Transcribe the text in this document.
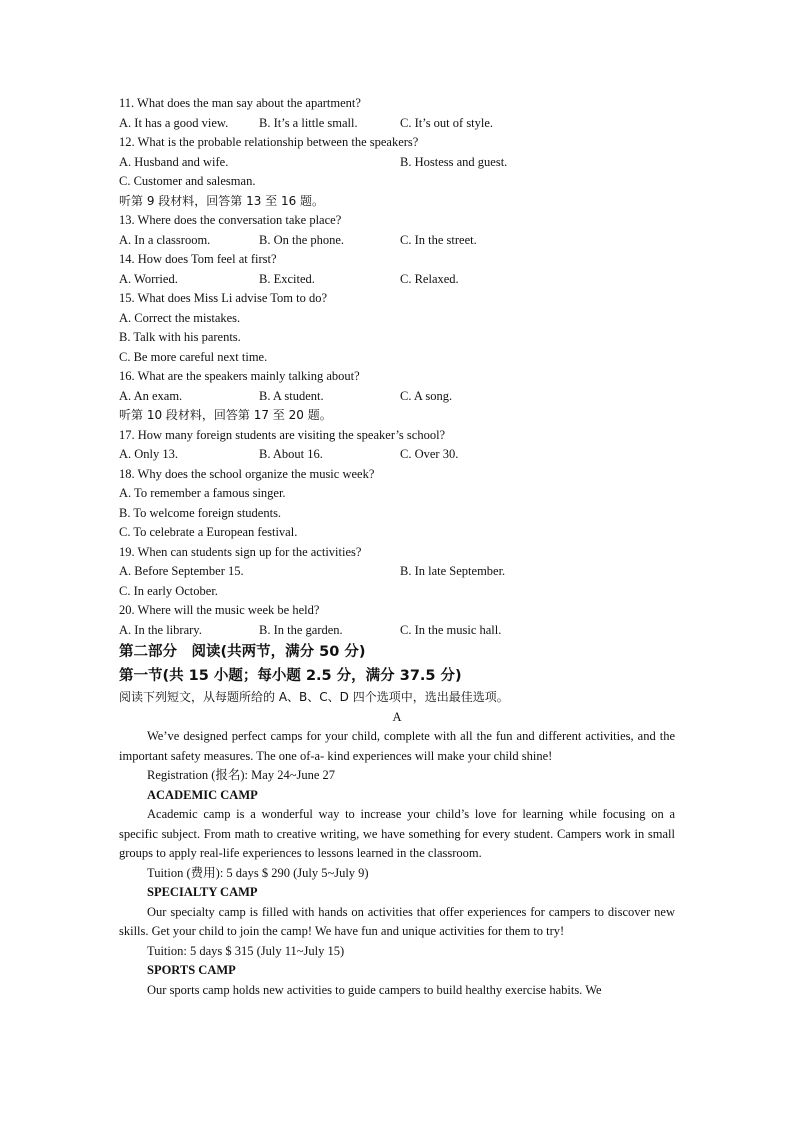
11. What does the man say about the apartment?
A. It has a good view. B. It’s a little small.	C. It’s out of style.
12. What is the probable relationship between the speakers?
A. Husband and wife.	B. Hostess and guest.
C. Customer and salesman.
听第 9 段材料，回答第 13 至 16 题。
13. Where does the conversation take place?
A. In a classroom.	B. On the phone.	C. In the street.
14. How does Tom feel at first?
A. Worried.	B. Excited.	C. Relaxed.
15. What does Miss Li advise Tom to do?
A. Correct the mistakes.
B. Talk with his parents.
C. Be more careful next time.
16. What are the speakers mainly talking about?
A. An exam.	B. A student.	C. A song.
听第 10 段材料，回答第 17 至 20 题。
17. How many foreign students are visiting the speaker’s school?
A. Only 13.	B. About 16.	C. Over 30.
18. Why does the school organize the music week?
A. To remember a famous singer.
B. To welcome foreign students.
C. To celebrate a European festival.
19. When can students sign up for the activities?
A. Before September 15.	B. In late September.
C. In early October.
20. Where will the music week be held?
A. In the library.	B. In the garden.	C. In the music hall.
第二部分　阅读(共两节，满分 50 分)
第一节(共 15 小题；每小题 2.5 分，满分 37.5 分)
阅读下列短文，从每题所给的 A、B、C、D 四个选项中，选出最佳选项。
A
We’ve designed perfect camps for your child, complete with all the fun and different activities, and the important safety measures. The one of-a- kind experiences will make your child shine!
Registration (报名): May 24~June 27
ACADEMIC CAMP
Academic camp is a wonderful way to increase your child’s love for learning while focusing on a specific subject. From math to creative writing, we have something for every student. Campers work in small groups to apply real-life experiences to lessons learned in the classroom.
Tuition (费用): 5 days $ 290 (July 5~July 9)
SPECIALTY CAMP
Our specialty camp is filled with hands on activities that offer experiences for campers to discover new skills. Get your child to join the camp! We have fun and unique activities for them to try!
Tuition: 5 days $ 315 (July 11~July 15)
SPORTS CAMP
Our sports camp holds new activities to guide campers to build healthy exercise habits. We
